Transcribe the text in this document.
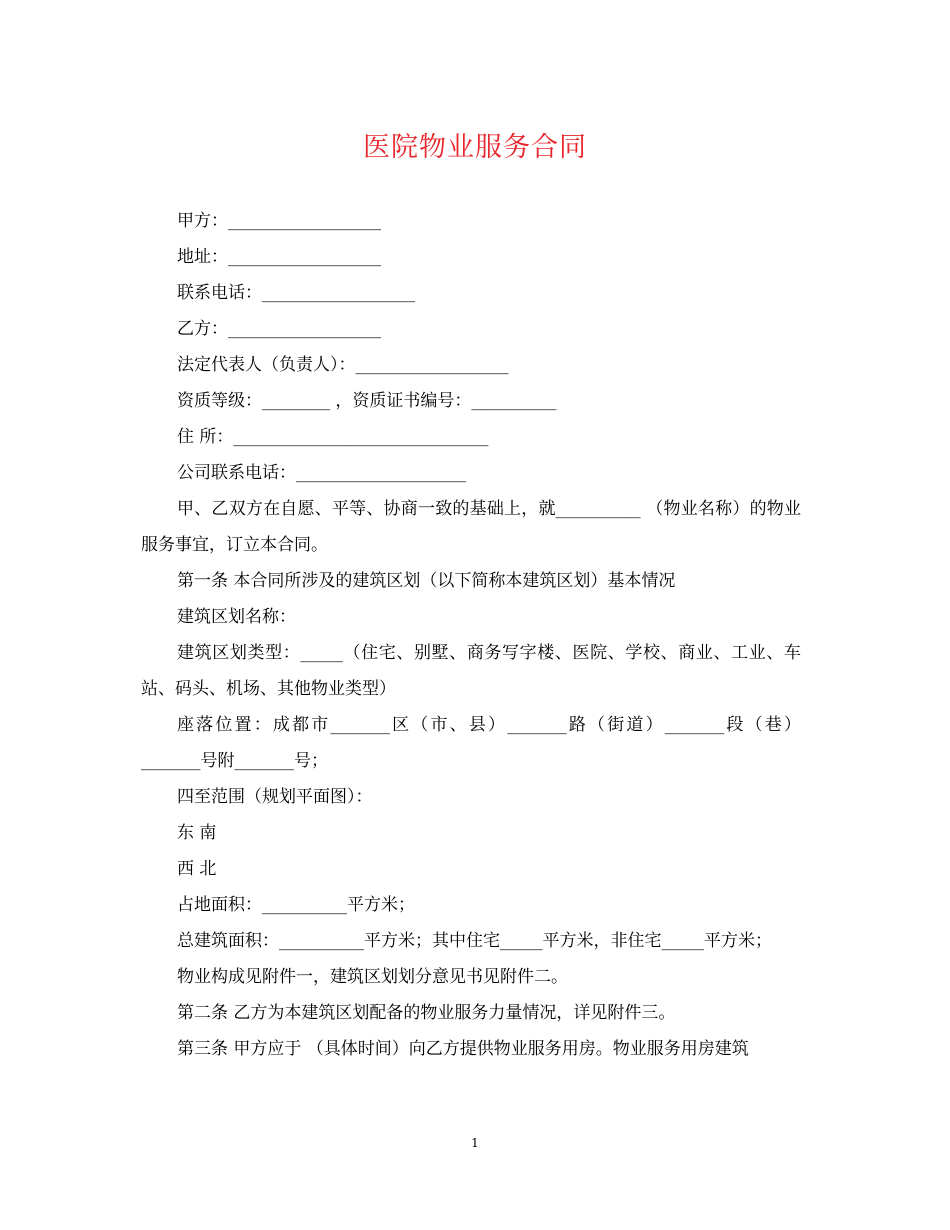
医院物业服务合同

甲方：__________________

地址：__________________

联系电话：__________________

乙方：__________________

法定代表人（负责人）：__________________

资质等级：________ ，资质证书编号：__________

住 所：______________________________

公司联系电话：____________________

甲、乙双方在自愿、平等、协商一致的基础上，就__________ （物业名称）的物业服务事宜，订立本合同。

第一条 本合同所涉及的建筑区划（以下简称本建筑区划）基本情况

建筑区划名称：

建筑区划类型：_____（住宅、别墅、商务写字楼、医院、学校、商业、工业、车站、码头、机场、其他物业类型）

座落位置：成都市_______区（市、县）_______路（街道）_______段（巷）_______号附_______号；

四至范围（规划平面图）：

东 南

西 北

占地面积：__________平方米；

总建筑面积：__________平方米；其中住宅_____平方米，非住宅_____平方米；

物业构成见附件一，建筑区划划分意见书见附件二。

第二条 乙方为本建筑区划配备的物业服务力量情况，详见附件三。

第三条 甲方应于 （具体时间）向乙方提供物业服务用房。物业服务用房建筑

1
